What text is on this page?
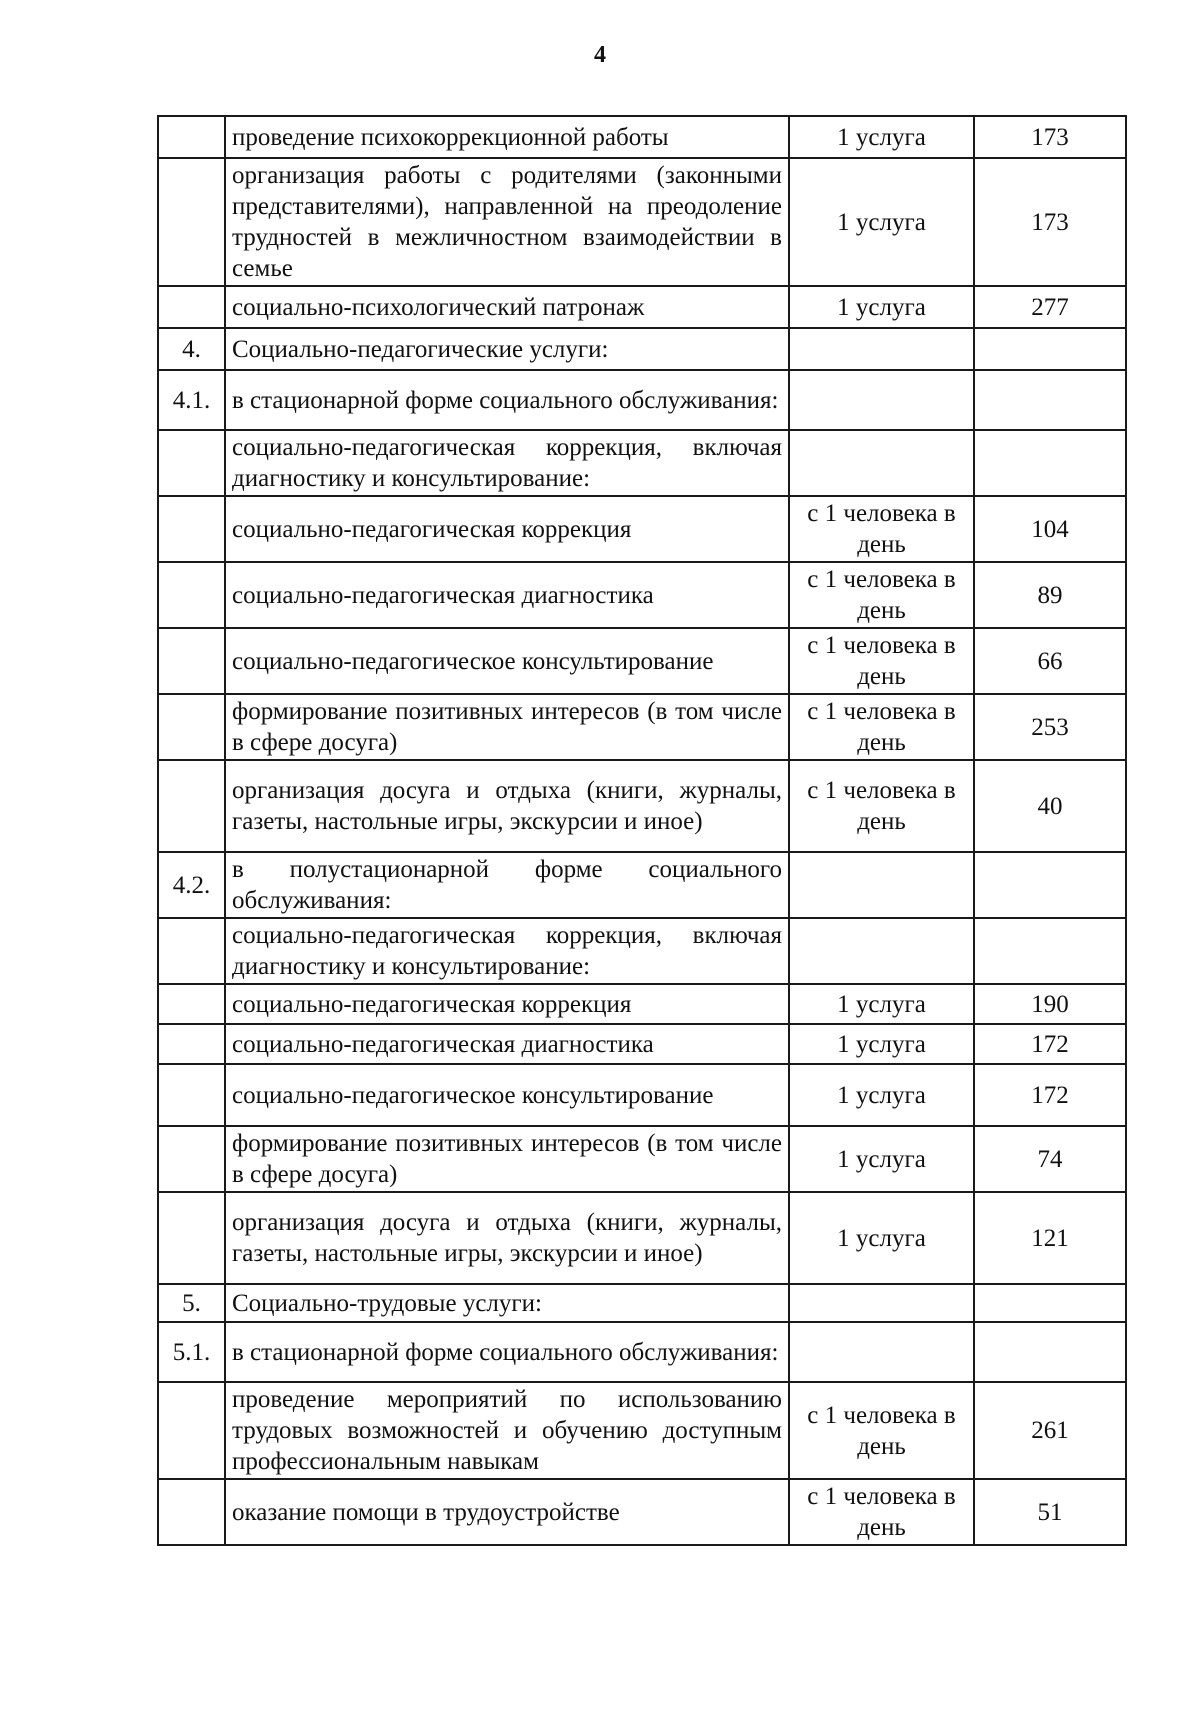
4
	проведение психокоррекционной работы	1 услуга	173
	организация работы с родителями (законными представителями), направленной на преодоление трудностей в межличностном взаимодействии в семье	1 услуга	173
	социально-психологический патронаж	1 услуга	277
4.	Социально-педагогические услуги:		
4.1.	в стационарной форме социального обслуживания:		
	социально-педагогическая коррекция, включая диагностику и консультирование:		
	социально-педагогическая коррекция	с 1 человека в день	104
	социально-педагогическая диагностика	с 1 человека в день	89
	социально-педагогическое консультирование	с 1 человека в день	66
	формирование позитивных интересов (в том числе в сфере досуга)	с 1 человека в день	253
	организация досуга и отдыха (книги, журналы, газеты, настольные игры, экскурсии и иное)	с 1 человека в день	40
4.2.	в полустационарной форме социального обслуживания:		
	социально-педагогическая коррекция, включая диагностику и консультирование:		
	социально-педагогическая коррекция	1 услуга	190
	социально-педагогическая диагностика	1 услуга	172
	социально-педагогическое консультирование	1 услуга	172
	формирование позитивных интересов (в том числе в сфере досуга)	1 услуга	74
	организация досуга и отдыха (книги, журналы, газеты, настольные игры, экскурсии и иное)	1 услуга	121
5.	Социально-трудовые услуги:		
5.1.	в стационарной форме социального обслуживания:		
	проведение мероприятий по использованию трудовых возможностей и обучению доступным профессиональным навыкам	с 1 человека в день	261
	оказание помощи в трудоустройстве	с 1 человека в день	51
